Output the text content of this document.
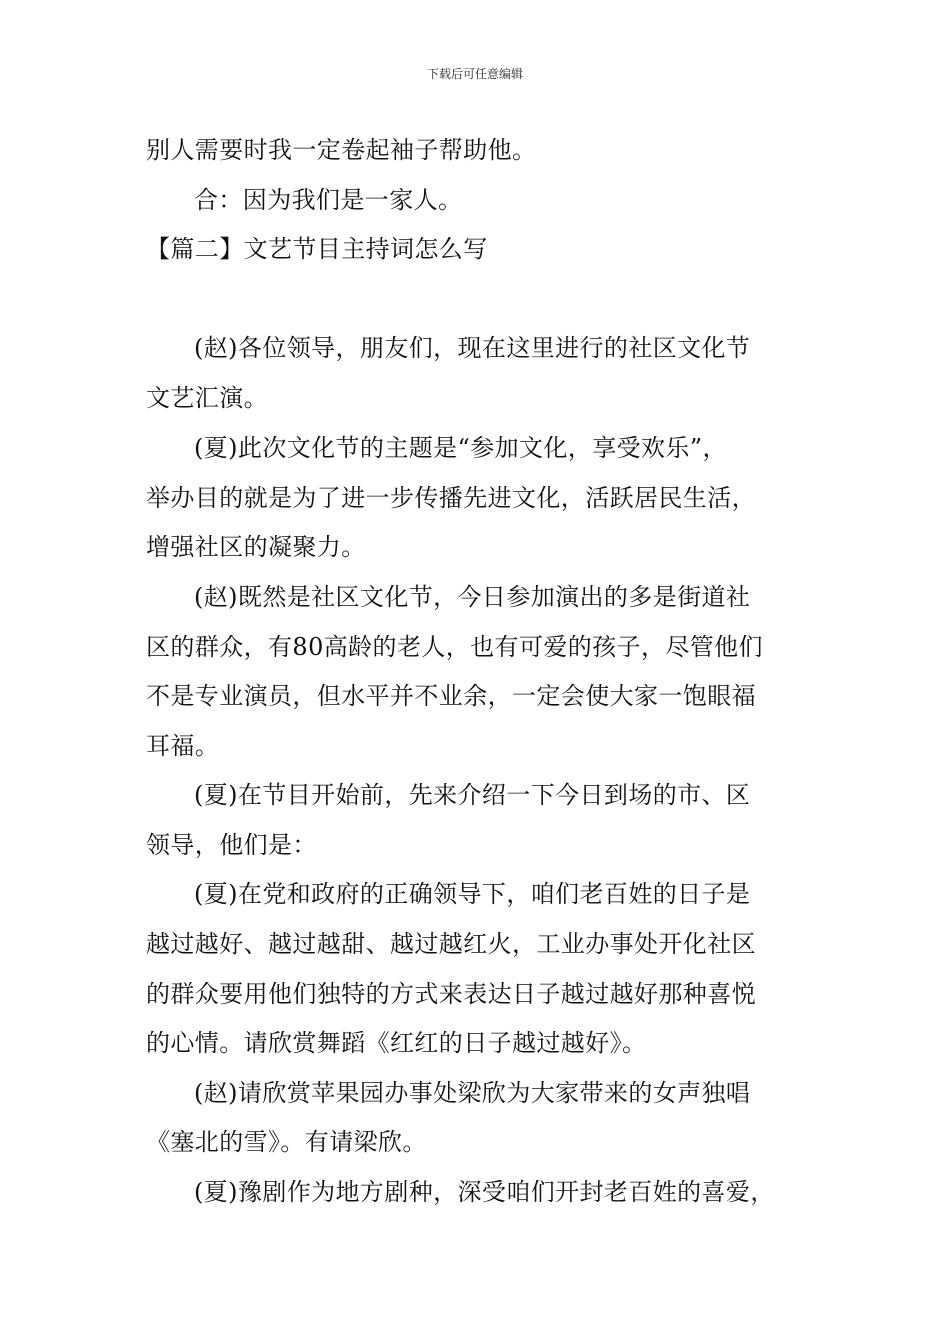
下载后可任意编辑
别人需要时我一定卷起袖子帮助他。
合：因为我们是一家人。
【篇二】文艺节目主持词怎么写
(赵)各位领导，朋友们，现在这里进行的社区文化节
文艺汇演。
(夏)此次文化节的主题是“参加文化，享受欢乐”，
举办目的就是为了进一步传播先进文化，活跃居民生活，
增强社区的凝聚力。
(赵)既然是社区文化节，今日参加演出的多是街道社
区的群众，有80高龄的老人，也有可爱的孩子，尽管他们
不是专业演员，但水平并不业余，一定会使大家一饱眼福
耳福。
(夏)在节目开始前，先来介绍一下今日到场的市、区
领导，他们是：
(夏)在党和政府的正确领导下，咱们老百姓的日子是
越过越好、越过越甜、越过越红火，工业办事处开化社区
的群众要用他们独特的方式来表达日子越过越好那种喜悦
的心情。请欣赏舞蹈《红红的日子越过越好》。
(赵)请欣赏苹果园办事处梁欣为大家带来的女声独唱
《塞北的雪》。有请梁欣。
(夏)豫剧作为地方剧种，深受咱们开封老百姓的喜爱，
